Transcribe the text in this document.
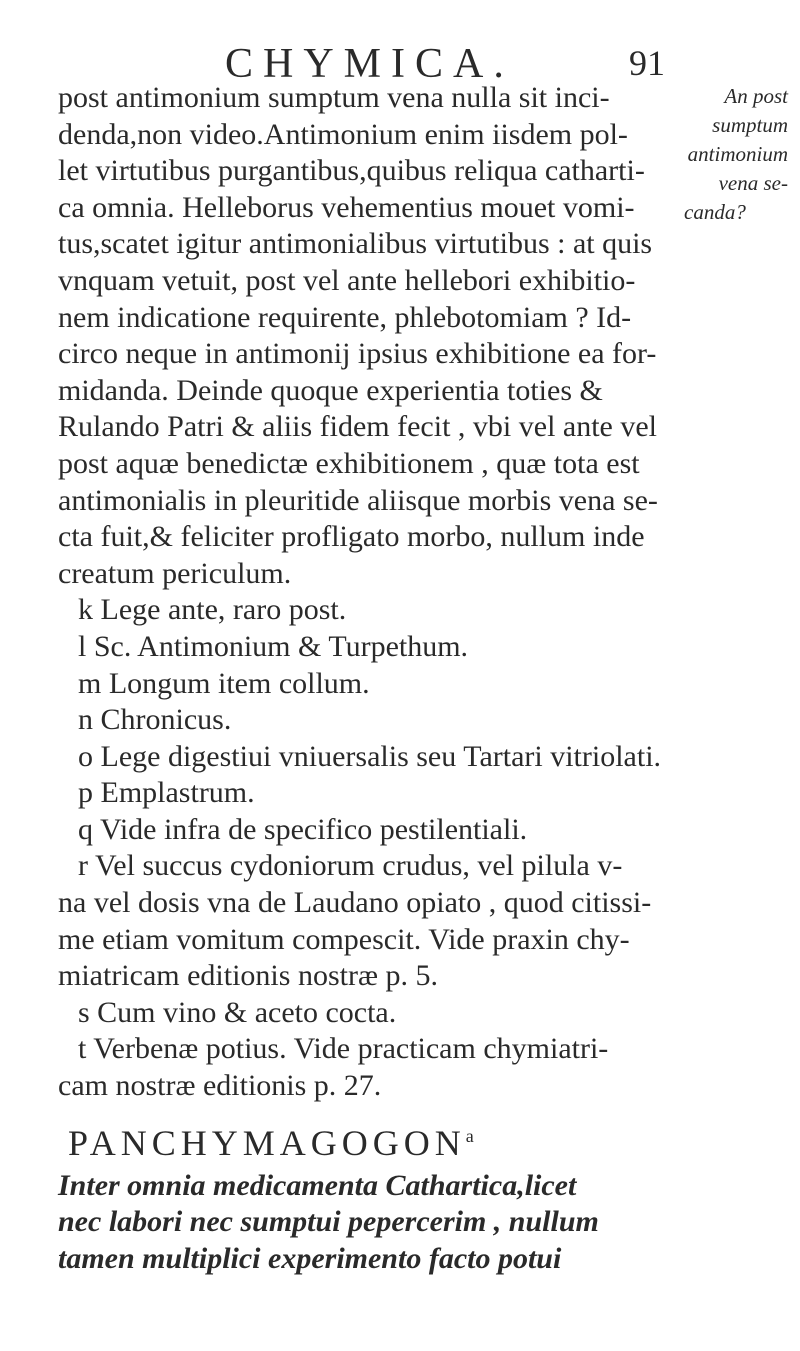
CHYMICA.	91
An post
sumptum
antimonium
vena se-
canda?
post antimonium sumptum vena nulla sit inci-
denda,non video.Antimonium enim iisdem pol-
let virtutibus purgantibus,quibus reliqua catharti-
ca omnia. Helleborus vehementius mouet vomi-
tus,scatet igitur antimonialibus virtutibus : at quis
vnquam vetuit, post vel ante hellebori exhibitio-
nem indicatione requirente, phlebotomiam ? Id-
circo neque in antimonij ipsius exhibitione ea for-
midanda. Deinde quoque experientia toties &
Rulando Patri & aliis fidem fecit , vbi vel ante vel
post aquæ benedictæ exhibitionem , quæ tota est
antimonialis in pleuritide aliisque morbis vena se-
cta fuit,& feliciter profligato morbo, nullum inde
creatum periculum.
k Lege ante, raro post.
l Sc. Antimonium & Turpethum.
m Longum item collum.
n Chronicus.
o Lege digestiui vniuersalis seu Tartari vitriolati.
p Emplastrum.
q Vide infra de specifico pestilentiali.
r Vel succus cydoniorum crudus, vel pilula v-
na vel dosis vna de Laudano opiato , quod citissi-
me etiam vomitum compescit. Vide praxin chy-
miatricam editionis nostræ p. 5.
s Cum vino & aceto cocta.
t Verbenæ potius. Vide practicam chymiatri-
cam nostræ editionis p. 27.
PANCHYMAGOGON$^a$
Inter omnia medicamenta Cathartica,licet
nec labori nec sumptui pepercerim , nullum
tamen multiplici experimento facto potui
